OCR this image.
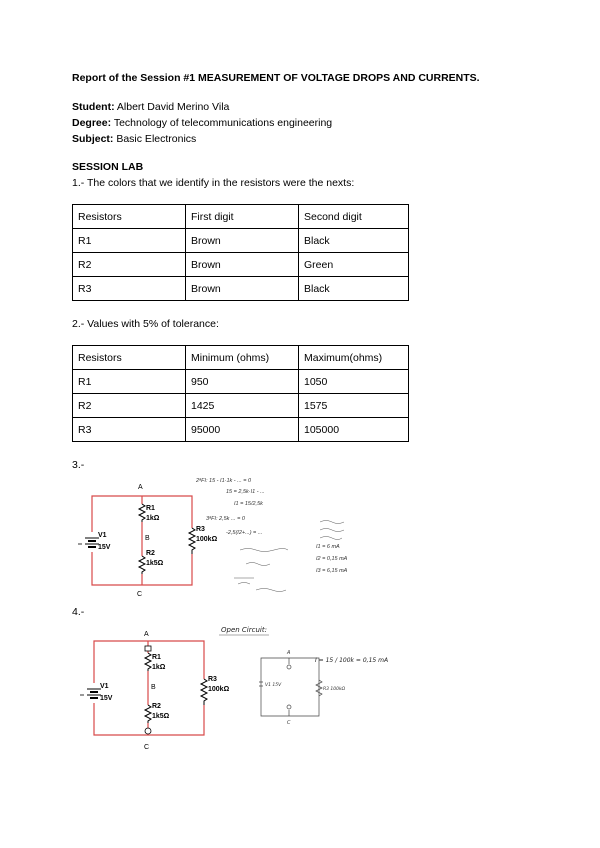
Report of the Session #1 MEASUREMENT OF VOLTAGE DROPS AND CURRENTS.
Student: Albert David Merino Vila
Degree: Technology of telecommunications engineering
Subject: Basic Electronics
SESSION LAB
1.- The colors that we identify in the resistors were the nexts:
Resistors	First digit	Second digit
R1	Brown	Black
R2	Brown	Green
R3	Brown	Black
2.- Values with 5% of tolerance:
Resistors	Minimum (ohms)	Maximum(ohms)
R1	950	1050
R2	1425	1575
R3	95000	105000
3.-
A
B
C
R1
1kΩ
R2
1k5Ω
R3
100kΩ
V1
15V
2ªFI: 15 - I1·1k - ... = 0
15 = 2,5k·I1 - ...
I1 = 15/2,5k
3ªFI: 2,5k ... = 0
-2,5(I2+...) = ...
I1 = 6 mA
I2 = 0,15 mA
I3 = 6,15 mA
4.-
A
B
C
R1
1kΩ
R2
1k5Ω
R3
100kΩ
V1
15V
Open Circuit:
A
C
V1 15V
R3 100kΩ
I = 15 / 100k = 0,15 mA
